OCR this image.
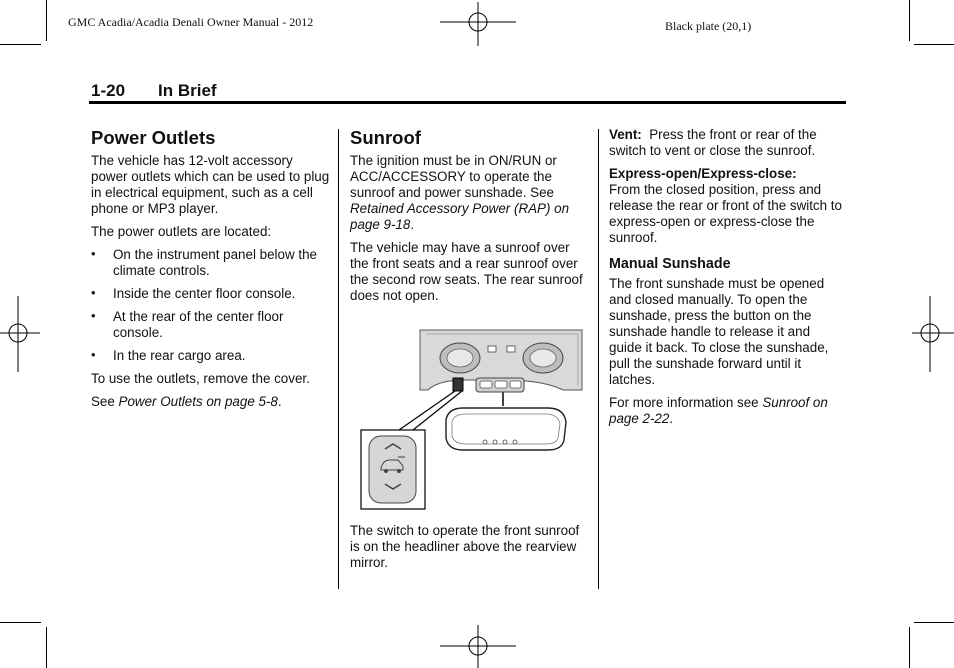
GMC Acadia/Acadia Denali Owner Manual - 2012	Black plate (20,1)
1-20 In Brief
Power Outlets

The vehicle has 12-volt accessory power outlets which can be used to plug in electrical equipment, such as a cell phone or MP3 player.

The power outlets are located:

• On the instrument panel below the climate controls.
• Inside the center floor console.
• At the rear of the center floor console.
• In the rear cargo area.

To use the outlets, remove the cover.

See Power Outlets on page 5-8.

Sunroof

The ignition must be in ON/RUN or ACC/ACCESSORY to operate the sunroof and power sunshade. See Retained Accessory Power (RAP) on page 9-18.

The vehicle may have a sunroof over the front seats and a rear sunroof over the second row seats. The rear sunroof does not open.

The switch to operate the front sunroof is on the headliner above the rearview mirror.

Vent: Press the front or rear of the switch to vent or close the sunroof.

Express-open/Express-close:
From the closed position, press and release the rear or front of the switch to express-open or express-close the sunroof.

Manual Sunshade

The front sunshade must be opened and closed manually. To open the sunshade, press the button on the sunshade handle to release it and guide it back. To close the sunshade, pull the sunshade forward until it latches.

For more information see Sunroof on page 2-22.
